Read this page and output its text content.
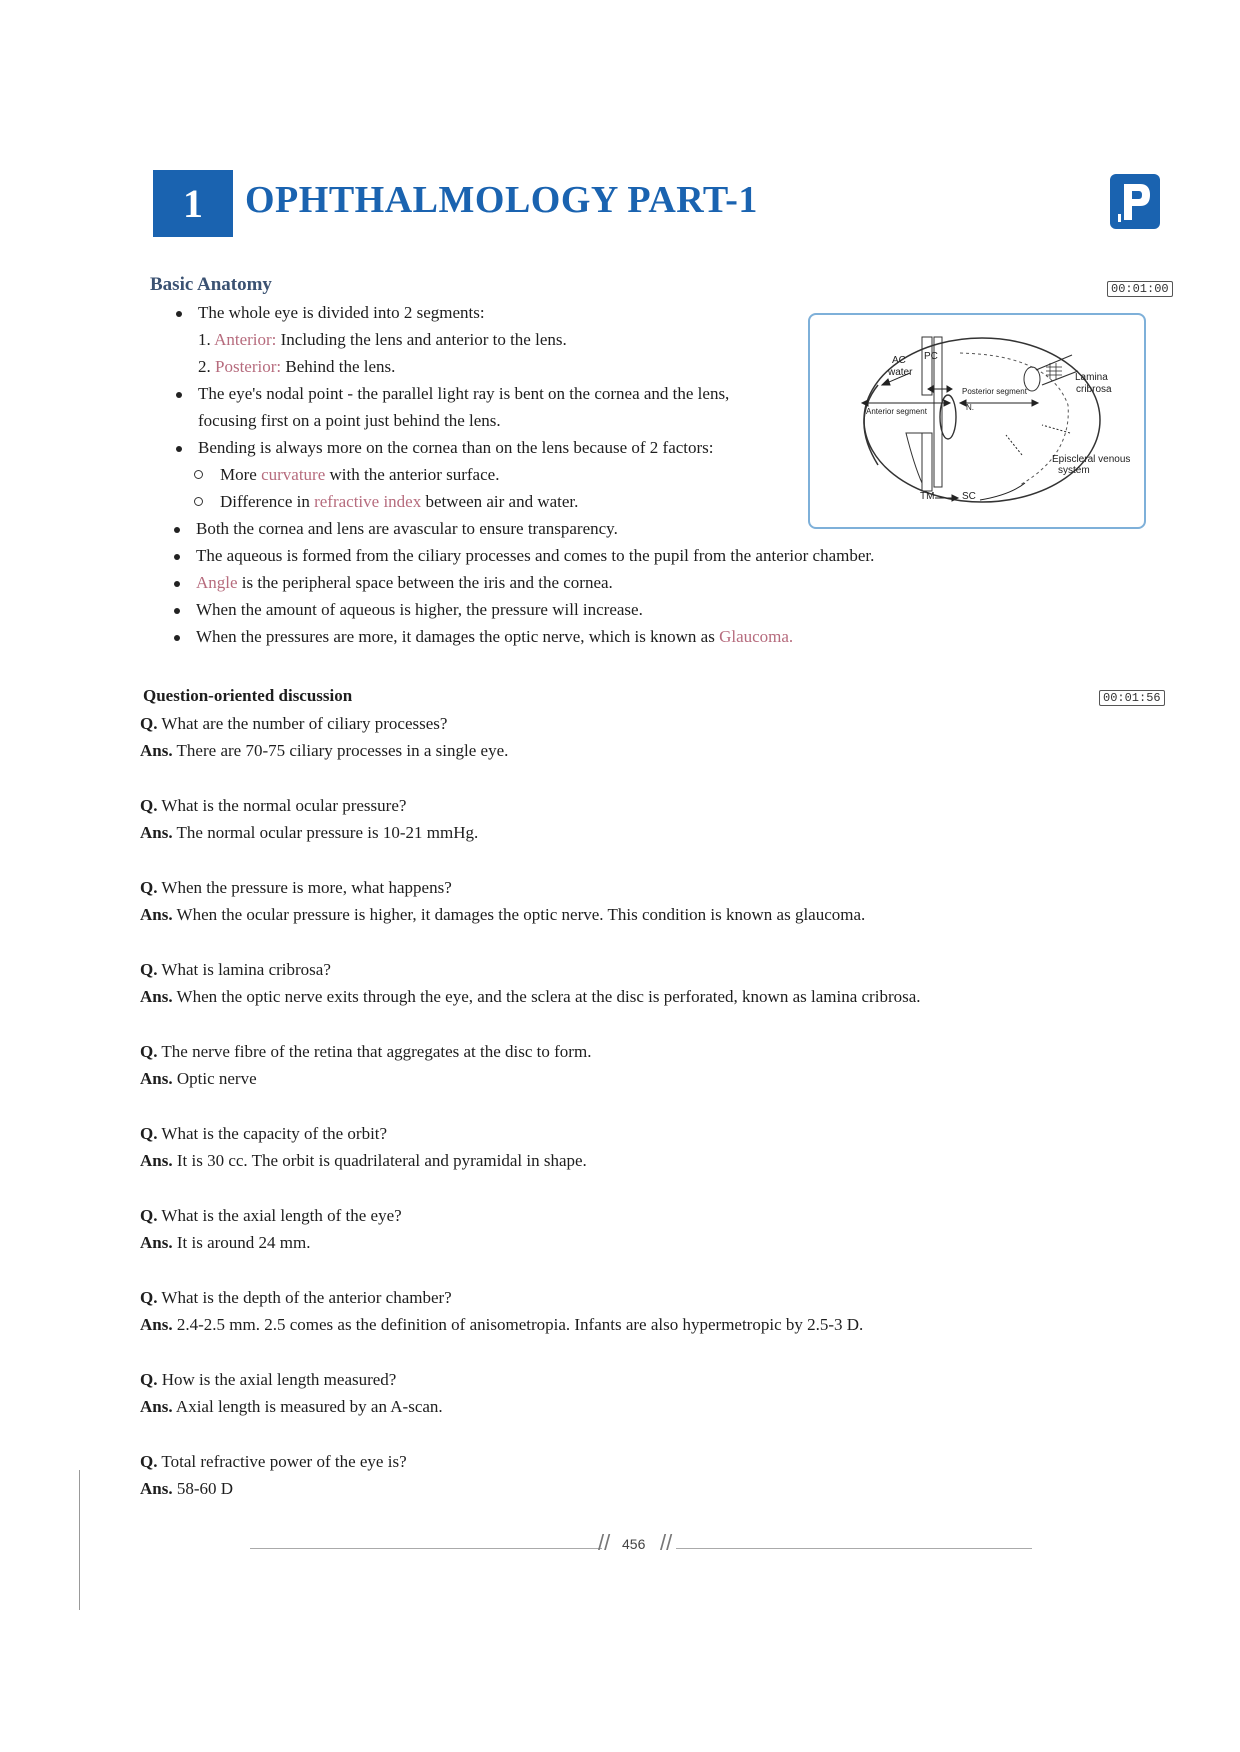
1 OPHTHALMOLOGY PART-1
Basic Anatomy	00:01:00
The whole eye is divided into 2 segments:
1. Anterior: Including the lens and anterior to the lens.
2. Posterior: Behind the lens.
The eye's nodal point - the parallel light ray is bent on the cornea and the lens,
focusing first on a point just behind the lens.
Bending is always more on the cornea than on the lens because of 2 factors:
More curvature with the anterior surface.
Difference in refractive index between air and water.
Both the cornea and lens are avascular to ensure transparency.
The aqueous is formed from the ciliary processes and comes to the pupil from the anterior chamber.
Angle is the peripheral space between the iris and the cornea.
When the amount of aqueous is higher, the pressure will increase.
When the pressures are more, it damages the optic nerve, which is known as Glaucoma.
AC
water
PC
Anterior segment
Posterior segment
N.
Lamina
cribrosa
Episcleral venous
system
TM	SC
Question-oriented discussion	00:01:56
Q. What are the number of ciliary processes?
Ans. There are 70-75 ciliary processes in a single eye.
Q. What is the normal ocular pressure?
Ans. The normal ocular pressure is 10-21 mmHg.
Q. When the pressure is more, what happens?
Ans. When the ocular pressure is higher, it damages the optic nerve. This condition is known as glaucoma.
Q. What is lamina cribrosa?
Ans. When the optic nerve exits through the eye, and the sclera at the disc is perforated, known as lamina cribrosa.
Q. The nerve fibre of the retina that aggregates at the disc to form.
Ans. Optic nerve
Q. What is the capacity of the orbit?
Ans. It is 30 cc. The orbit is quadrilateral and pyramidal in shape.
Q. What is the axial length of the eye?
Ans. It is around 24 mm.
Q. What is the depth of the anterior chamber?
Ans. 2.4-2.5 mm. 2.5 comes as the definition of anisometropia. Infants are also hypermetropic by 2.5-3 D.
Q. How is the axial length measured?
Ans. Axial length is measured by an A-scan.
Q. Total refractive power of the eye is?
Ans. 58-60 D
// 456 //
